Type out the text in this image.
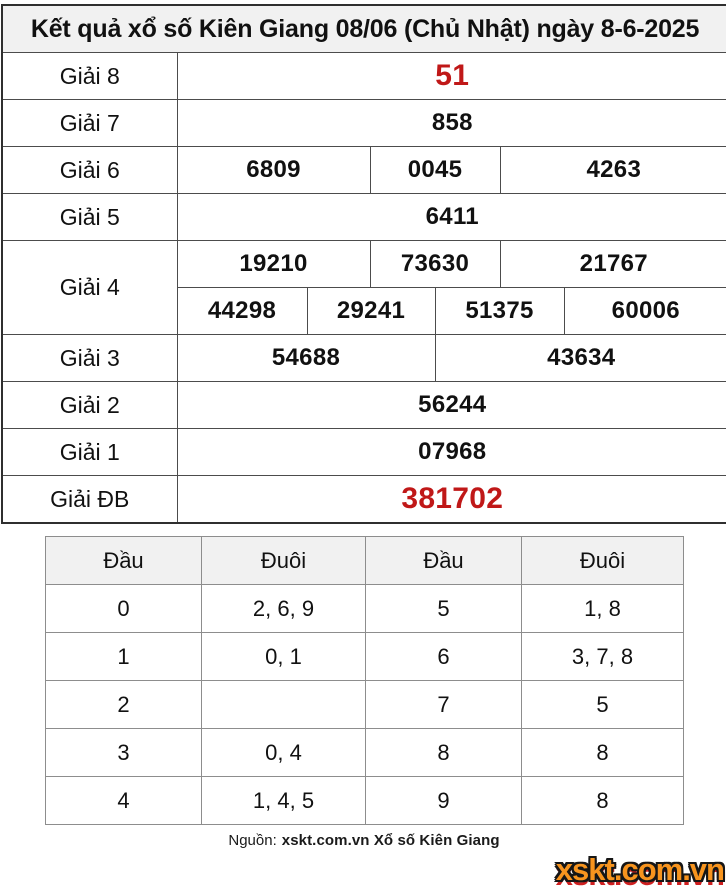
Kết quả xổ số Kiên Giang 08/06 (Chủ Nhật) ngày 8-6-2025						
Giải 8	51					
Giải 7	858					
Giải 6	6809		0045		4263	
Giải 5	6411					
Giải 4	19210		73630		21767	
	44298	29241		51375		60006
Giải 3	54688			43634		
Giải 2	56244					
Giải 1	07968					
Giải ĐB	381702					
Đầu	Đuôi	Đầu	Đuôi
0	2, 6, 9	5	1, 8
1	0, 1	6	3, 7, 8
2		7	5
3	0, 4	8	8
4	1, 4, 5	9	8
Nguồn: xskt.com.vn Xổ số Kiên Giang
xskt.com.vn
